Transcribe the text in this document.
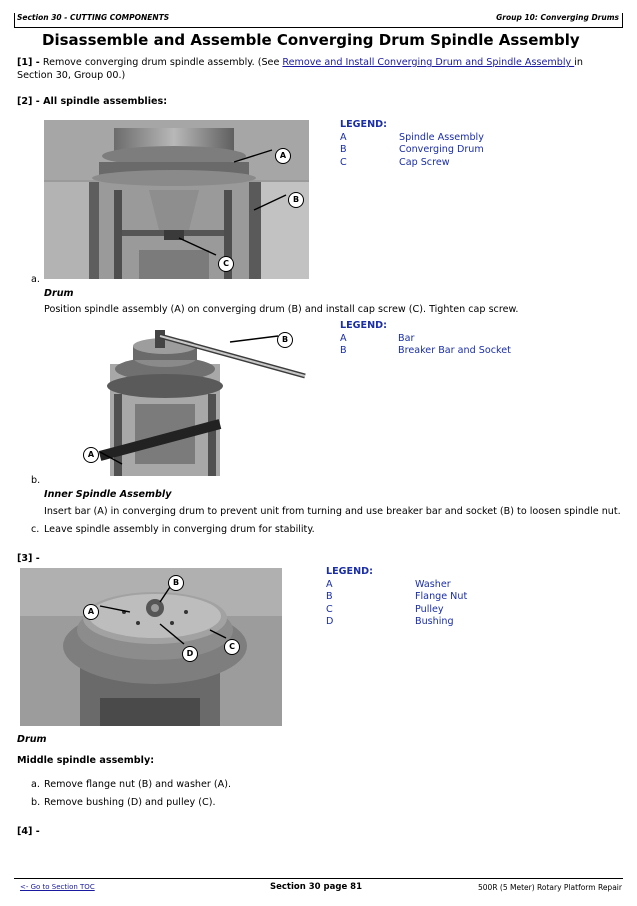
Section 30 - CUTTING COMPONENTS	Group 10: Converging Drums
Disassemble and Assemble Converging Drum Spindle Assembly
[1] - Remove converging drum spindle assembly. (See Remove and Install Converging Drum and Spindle Assembly in Section 30, Group 00.)
[2] - All spindle assemblies:
A
B
C
LEGEND:
A	Spindle Assembly
B	Converging Drum
C	Cap Screw
a.
Drum
Position spindle assembly (A) on converging drum (B) and install cap screw (C). Tighten cap screw.
B
A
LEGEND:
A	Bar
B	Breaker Bar and Socket
b.
Inner Spindle Assembly
Insert bar (A) in converging drum to prevent unit from turning and use breaker bar and socket (B) to loosen spindle nut.
c. Leave spindle assembly in converging drum for stability.
[3] -
B
A
D
C
LEGEND:
A	Washer
B	Flange Nut
C	Pulley
D	Bushing
Drum
Middle spindle assembly:
a. Remove flange nut (B) and washer (A).
b. Remove bushing (D) and pulley (C).
[4] -
<- Go to Section TOC	Section 30 page 81	500R (5 Meter) Rotary Platform Repair
